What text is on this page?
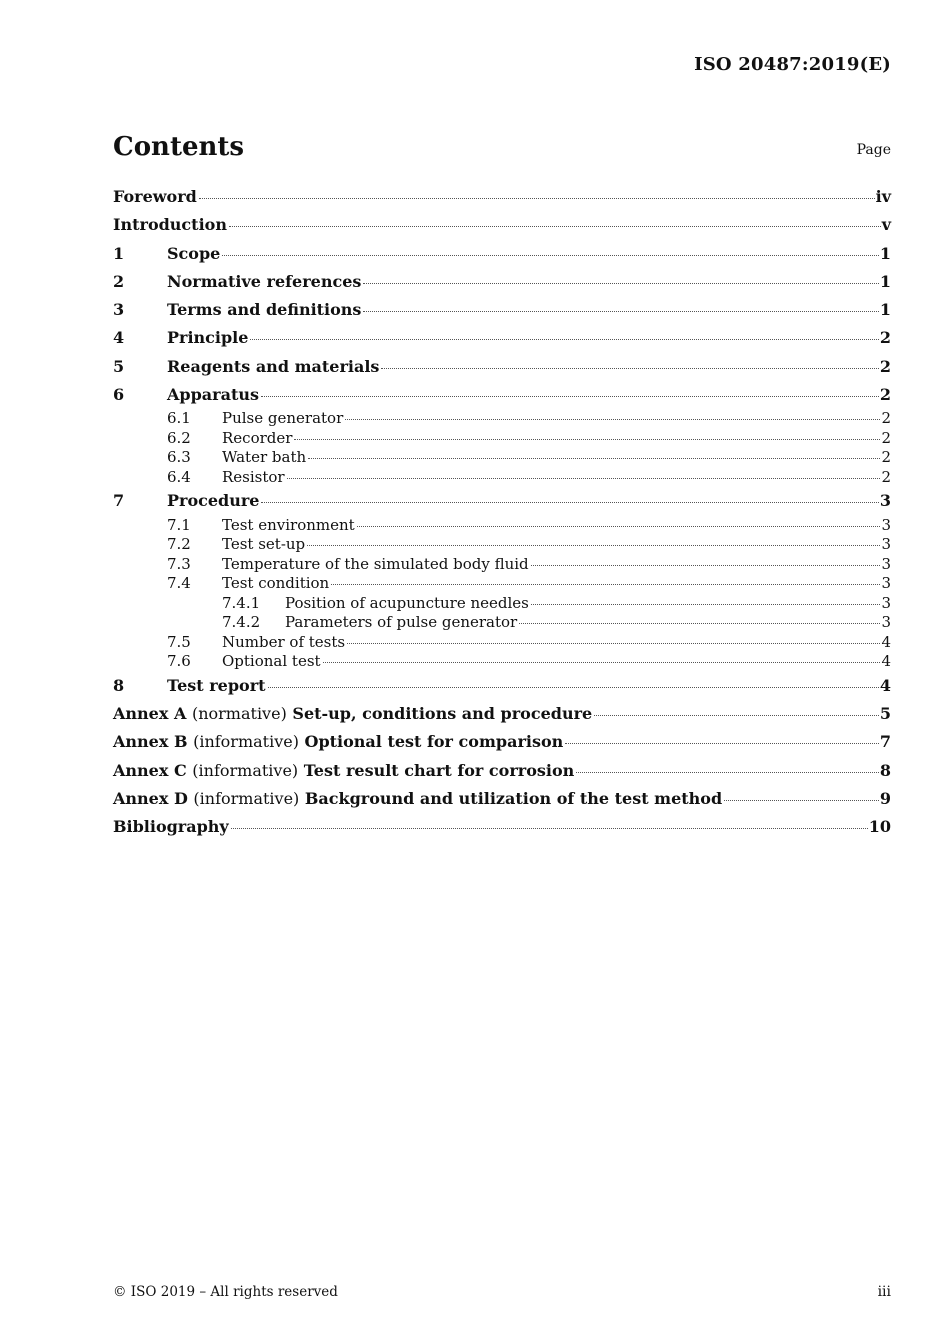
ISO 20487:2019(E)
Contents	Page
Foreword	iv
Introduction	v
1	Scope	1
2	Normative references	1
3	Terms and definitions	1
4	Principle	2
5	Reagents and materials	2
6	Apparatus	2
6.1	Pulse generator	2
6.2	Recorder	2
6.3	Water bath	2
6.4	Resistor	2
7	Procedure	3
7.1	Test environment	3
7.2	Test set-up	3
7.3	Temperature of the simulated body fluid	3
7.4	Test condition	3
7.4.1	Position of acupuncture needles	3
7.4.2	Parameters of pulse generator	3
7.5	Number of tests	4
7.6	Optional test	4
8	Test report	4
Annex A (normative) Set-up, conditions and procedure	5
Annex B (informative) Optional test for comparison	7
Annex C (informative) Test result chart for corrosion	8
Annex D (informative) Background and utilization of the test method	9
Bibliography	10
© ISO 2019 – All rights reserved	iii
